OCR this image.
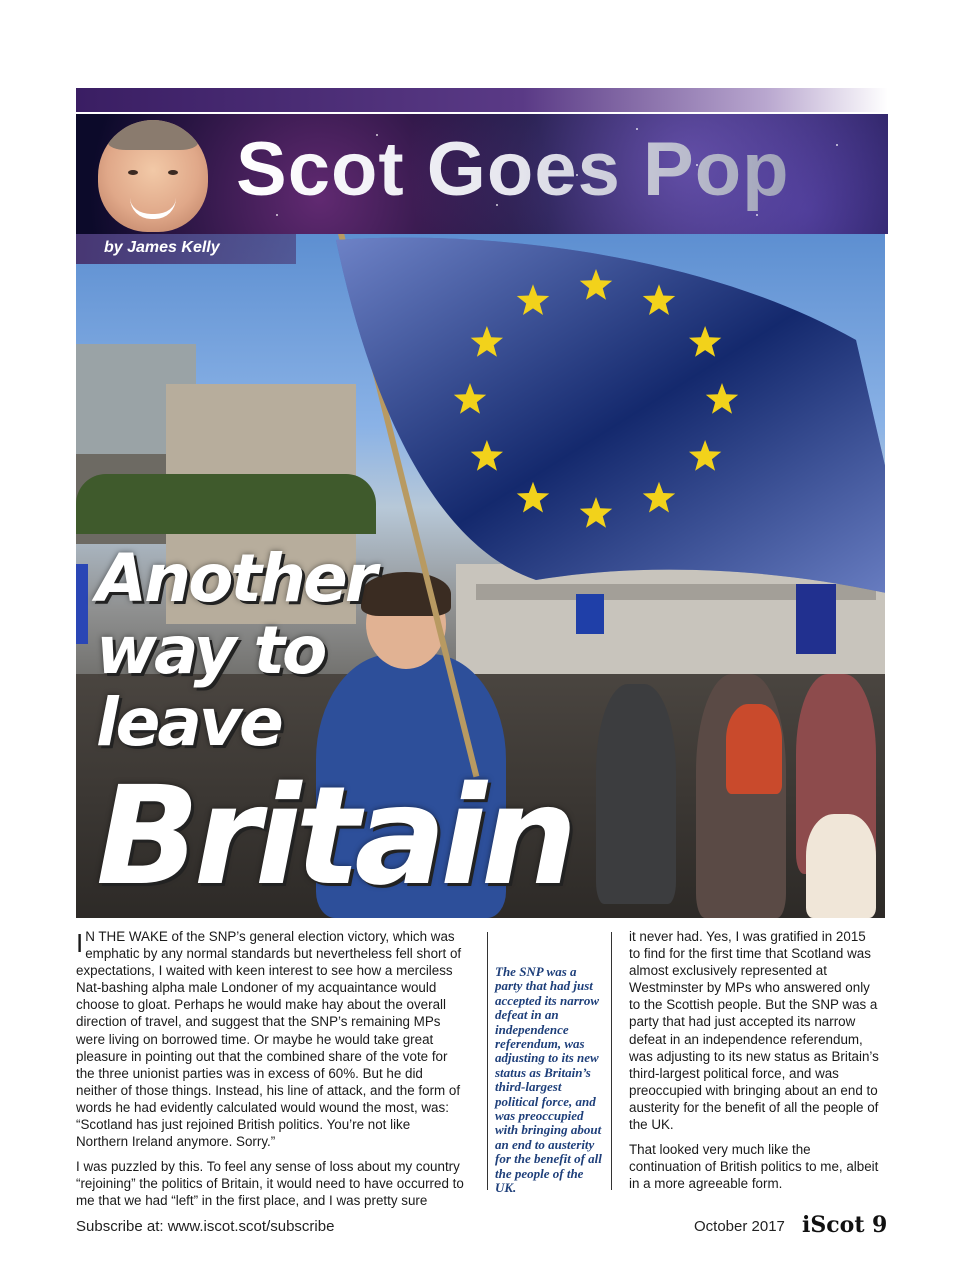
Scot Goes Pop
by James Kelly
Another
way to
leave
Britain

I N THE WAKE of the SNP’s general election victory, which was emphatic by any normal standards but nevertheless fell short of expectations, I waited with keen interest to see how a merciless Nat-bashing alpha male Londoner of my acquaintance would choose to gloat. Perhaps he would make hay about the overall direction of travel, and suggest that the SNP’s remaining MPs were living on borrowed time. Or maybe he would take great pleasure in pointing out that the combined share of the vote for the three unionist parties was in excess of 60%. But he did neither of those things. Instead, his line of attack, and the form of words he had evidently calculated would wound the most, was: “Scotland has just rejoined British politics. You’re not like Northern Ireland anymore. Sorry.”

I was puzzled by this. To feel any sense of loss about my country “rejoining” the politics of Britain, it would need to have occurred to me that we had “left” in the first place, and I was pretty sure

The SNP was a party that had just accepted its narrow defeat in an independence referendum, was adjusting to its new status as Britain’s third-largest political force, and was preoccupied with bringing about an end to austerity for the benefit of all the people of the UK.

it never had. Yes, I was gratified in 2015 to find for the first time that Scotland was almost exclusively represented at Westminster by MPs who answered only to the Scottish people. But the SNP was a party that had just accepted its narrow defeat in an independence referendum, was adjusting to its new status as Britain’s third-largest political force, and was preoccupied with bringing about an end to austerity for the benefit of all the people of the UK.

That looked very much like the continuation of British politics to me, albeit in a more agreeable form.

Subscribe at: www.iscot.scot/subscribe	October 2017 iScot 9
